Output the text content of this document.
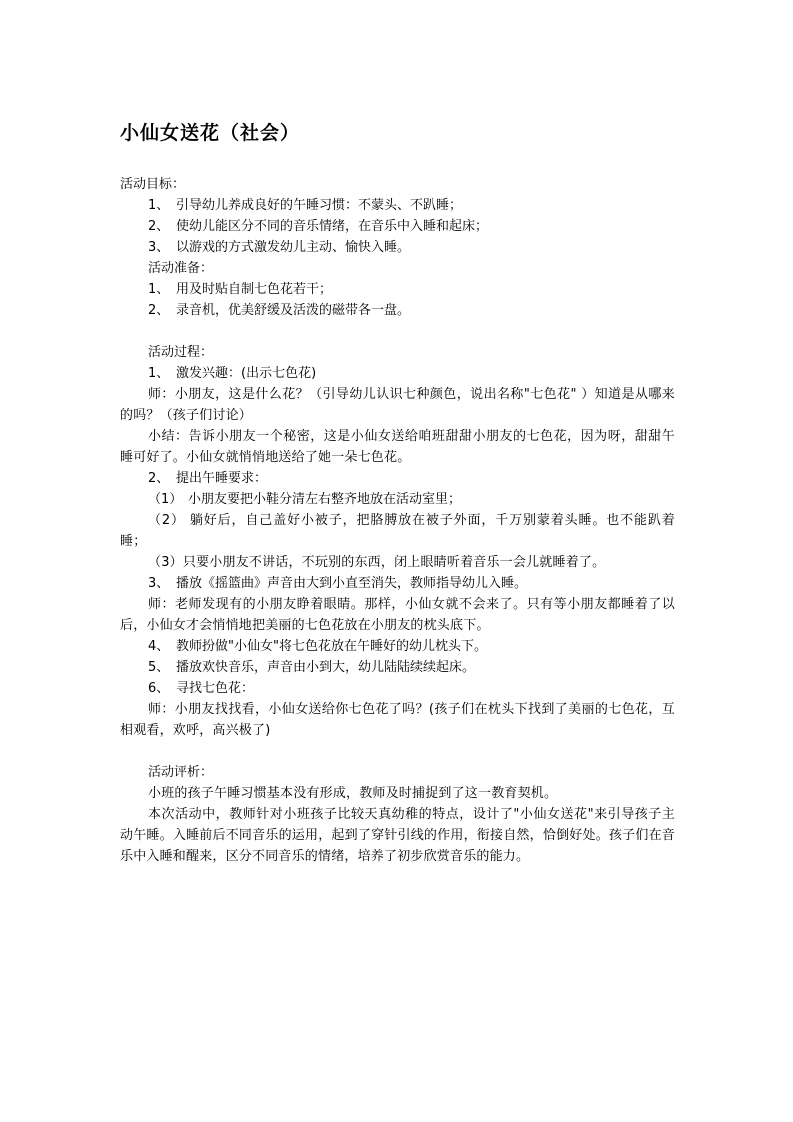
小仙女送花（社会）
活动目标：
1、 引导幼儿养成良好的午睡习惯：不蒙头、不趴睡；
2、 使幼儿能区分不同的音乐情绪，在音乐中入睡和起床；
3、 以游戏的方式激发幼儿主动、愉快入睡。
活动准备：
1、 用及时贴自制七色花若干；
2、 录音机，优美舒缓及活泼的磁带各一盘。
活动过程：
1、 激发兴趣：(出示七色花)
师：小朋友，这是什么花？（引导幼儿认识七种颜色，说出名称"七色花" ）知道是从哪来的吗？（孩子们讨论）
小结：告诉小朋友一个秘密，这是小仙女送给咱班甜甜小朋友的七色花，因为呀，甜甜午睡可好了。小仙女就悄悄地送给了她一朵七色花。
2、 提出午睡要求：
（1） 小朋友要把小鞋分清左右整齐地放在活动室里；
（2） 躺好后，自己盖好小被子，把胳膊放在被子外面，千万别蒙着头睡。也不能趴着睡；
（3）只要小朋友不讲话，不玩别的东西，闭上眼睛听着音乐一会儿就睡着了。
3、 播放《摇篮曲》声音由大到小直至消失，教师指导幼儿入睡。
师：老师发现有的小朋友睁着眼睛。那样，小仙女就不会来了。只有等小朋友都睡着了以后，小仙女才会悄悄地把美丽的七色花放在小朋友的枕头底下。
4、 教师扮做"小仙女"将七色花放在午睡好的幼儿枕头下。
5、 播放欢快音乐，声音由小到大，幼儿陆陆续续起床。
6、 寻找七色花：
师：小朋友找找看，小仙女送给你七色花了吗？(孩子们在枕头下找到了美丽的七色花，互相观看，欢呼，高兴极了)
活动评析：
小班的孩子午睡习惯基本没有形成，教师及时捕捉到了这一教育契机。
本次活动中，教师针对小班孩子比较天真幼稚的特点，设计了"小仙女送花"来引导孩子主动午睡。入睡前后不同音乐的运用，起到了穿针引线的作用，衔接自然，恰倒好处。孩子们在音乐中入睡和醒来，区分不同音乐的情绪，培养了初步欣赏音乐的能力。
